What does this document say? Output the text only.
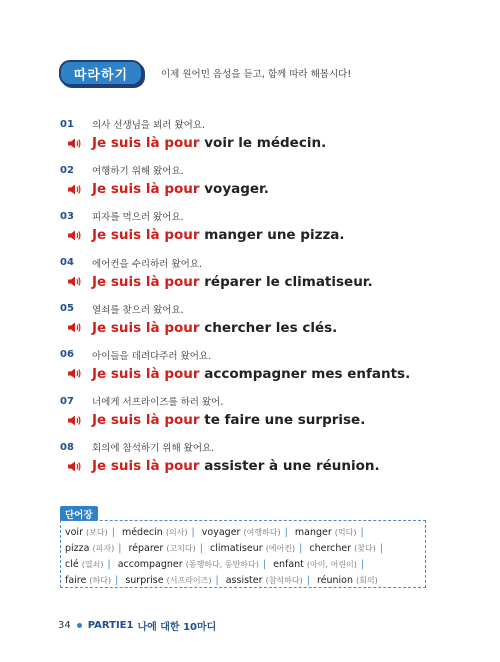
따라하기	이제 원어민 음성을 듣고, 함께 따라 해봅시다!
01	의사 선생님을 뵈러 왔어요.
Je suis là pour voir le médecin.
02	여행하기 위해 왔어요.
Je suis là pour voyager.
03	피자를 먹으러 왔어요.
Je suis là pour manger une pizza.
04	에어컨을 수리하러 왔어요.
Je suis là pour réparer le climatiseur.
05	열쇠를 찾으러 왔어요.
Je suis là pour chercher les clés.
06	아이들을 데려다주러 왔어요.
Je suis là pour accompagner mes enfants.
07	너에게 서프라이즈를 하러 왔어.
Je suis là pour te faire une surprise.
08	회의에 참석하기 위해 왔어요.
Je suis là pour assister à une réunion.
단어장
voir (보다) | médecin (의사) | voyager (여행하다) | manger (먹다) | pizza (피자) | réparer (고치다) | climatiseur (에어컨) | chercher (찾다) | clé (열쇠) | accompagner (동행하다, 동반하다) | enfant (아이, 어린이) | faire (하다) | surprise (서프라이즈) | assister (참석하다) | réunion (회의)
34 PARTIE1 나에 대한 10마디
